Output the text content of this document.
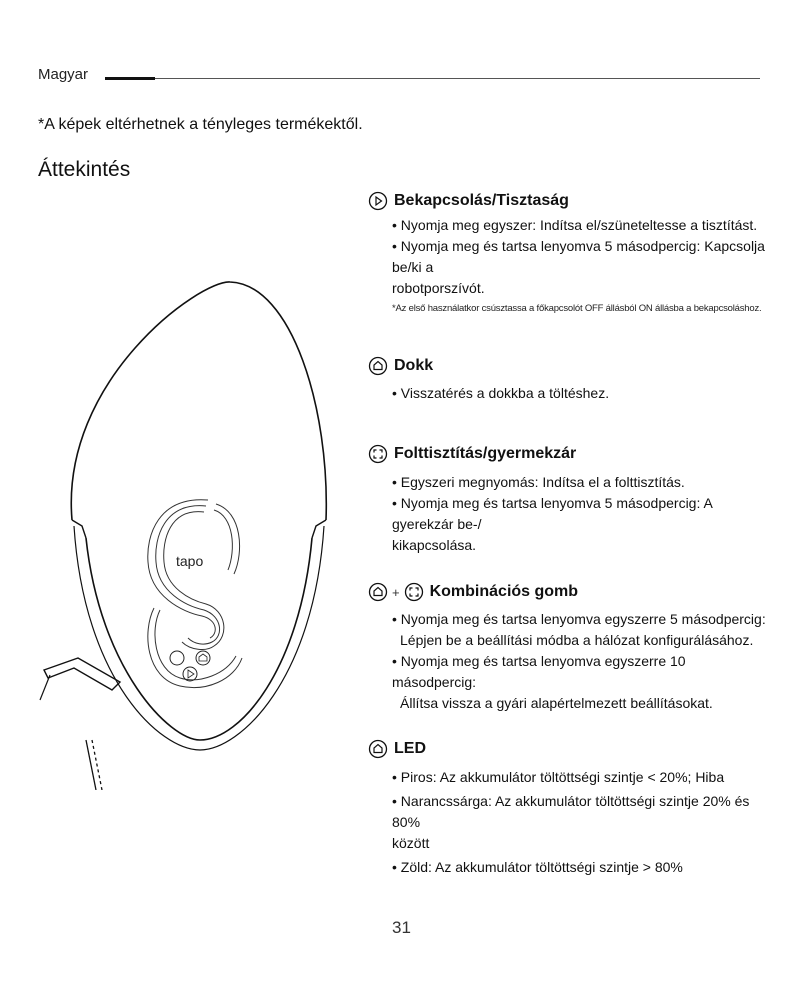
Magyar
*A képek eltérhetnek a tényleges termékektől.
Áttekintés
tapo
Bekapcsolás/Tisztaság
• Nyomja meg egyszer: Indítsa el/szüneteltesse a tisztítást.
• Nyomja meg és tartsa lenyomva 5 másodpercig: Kapcsolja be/ki a
robotporszívót.
*Az első használatkor csúsztassa a főkapcsolót OFF állásból ON állásba a bekapcsoláshoz.
Dokk
• Visszatérés a dokkba a töltéshez.
Folttisztítás/gyermekzár
• Egyszeri megnyomás: Indítsa el a folttisztítás.
• Nyomja meg és tartsa lenyomva 5 másodpercig: A gyerekzár be-/
kikapcsolása.
+ Kombinációs gomb
• Nyomja meg és tartsa lenyomva egyszerre 5 másodpercig:
Lépjen be a beállítási módba a hálózat konfigurálásához.
• Nyomja meg és tartsa lenyomva egyszerre 10 másodpercig:
Állítsa vissza a gyári alapértelmezett beállításokat.
LED
• Piros: Az akkumulátor töltöttségi szintje < 20%; Hiba
• Narancssárga: Az akkumulátor töltöttségi szintje 20% és 80%
között
• Zöld: Az akkumulátor töltöttségi szintje > 80%
31
